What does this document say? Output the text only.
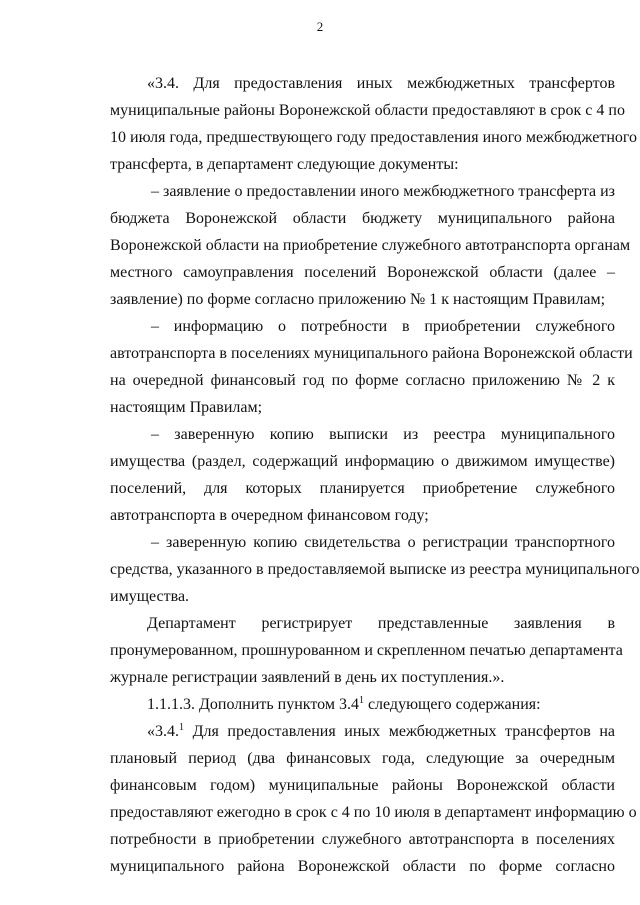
2
«3.4. Для предоставления иных межбюджетных трансфертов
муниципальные районы Воронежской области предоставляют в срок с 4 по
10 июля года, предшествующего году предоставления иного межбюджетного
трансферта, в департамент следующие документы:
– заявление о предоставлении иного межбюджетного трансферта из
бюджета Воронежской области бюджету муниципального района
Воронежской области на приобретение служебного автотранспорта органам
местного самоуправления поселений Воронежской области (далее –
заявление) по форме согласно приложению № 1 к настоящим Правилам;
– информацию о потребности в приобретении служебного
автотранспорта в поселениях муниципального района Воронежской области
на очередной финансовый год по форме согласно приложению № 2 к
настоящим Правилам;
– заверенную копию выписки из реестра муниципального
имущества (раздел, содержащий информацию о движимом имуществе)
поселений, для которых планируется приобретение служебного
автотранспорта в очередном финансовом году;
– заверенную копию свидетельства о регистрации транспортного
средства, указанного в предоставляемой выписке из реестра муниципального
имущества.
Департамент регистрирует представленные заявления в
пронумерованном, прошнурованном и скрепленном печатью департамента
журнале регистрации заявлений в день их поступления.».
1.1.1.3. Дополнить пунктом $3.4^1$ следующего содержания:
«3.4.$^1$ Для предоставления иных межбюджетных трансфертов на
плановый период (два финансовых года, следующие за очередным
финансовым годом) муниципальные районы Воронежской области
предоставляют ежегодно в срок с 4 по 10 июля в департамент информацию о
потребности в приобретении служебного автотранспорта в поселениях
муниципального района Воронежской области по форме согласно
